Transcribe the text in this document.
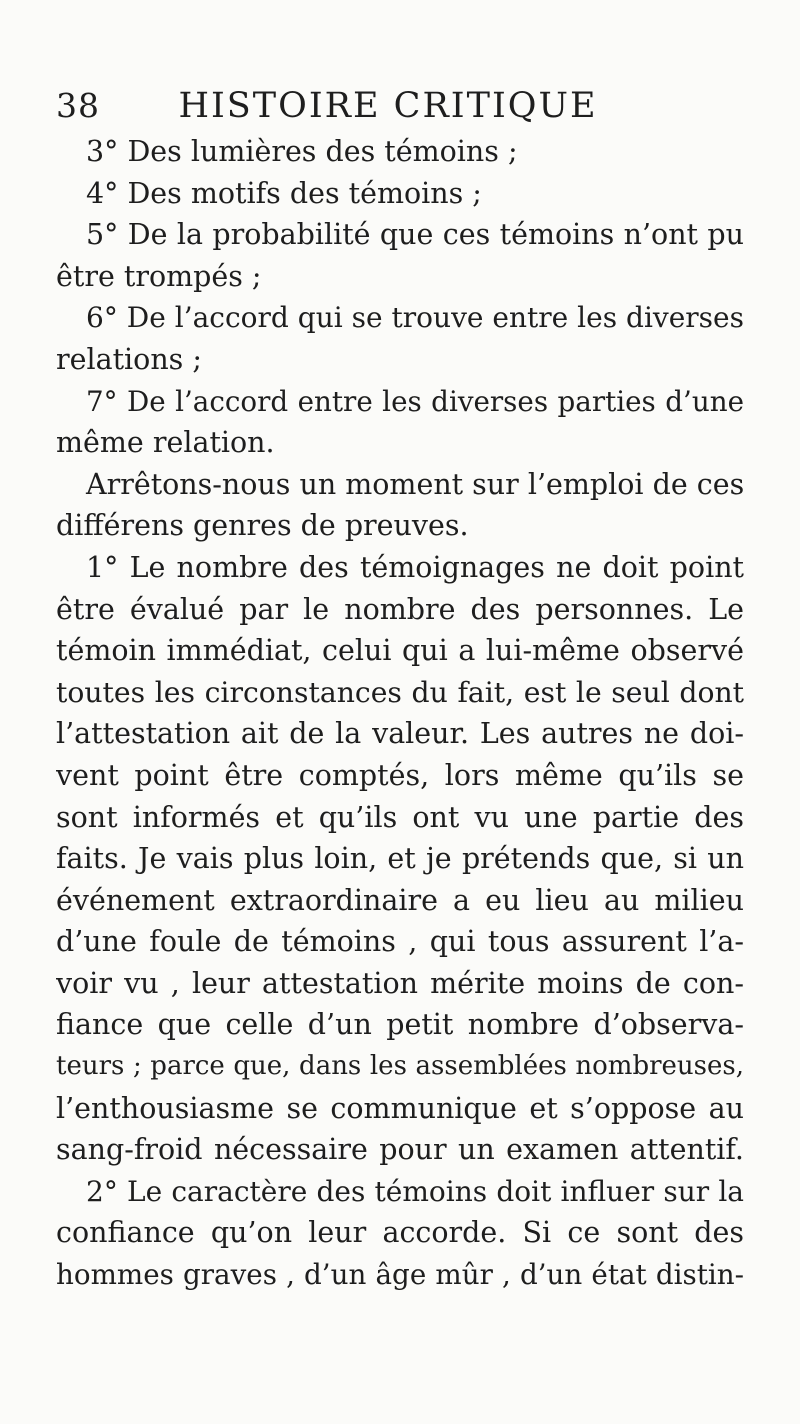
38	HISTOIRE CRITIQUE
3° Des lumières des témoins ;
4° Des motifs des témoins ;
5° De la probabilité que ces témoins n’ont pu
être trompés ;
6° De l’accord qui se trouve entre les diverses
relations ;
7° De l’accord entre les diverses parties d’une
même relation.
Arrêtons-nous un moment sur l’emploi de ces
différens genres de preuves.
1° Le nombre des témoignages ne doit point
être évalué par le nombre des personnes. Le
témoin immédiat, celui qui a lui-même observé
toutes les circonstances du fait, est le seul dont
l’attestation ait de la valeur. Les autres ne doi-
vent point être comptés, lors même qu’ils se
sont informés et qu’ils ont vu une partie des
faits. Je vais plus loin, et je prétends que, si un
événement extraordinaire a eu lieu au milieu
d’une foule de témoins , qui tous assurent l’a-
voir vu , leur attestation mérite moins de con-
fiance que celle d’un petit nombre d’observa-
teurs ; parce que, dans les assemblées nombreuses,
l’enthousiasme se communique et s’oppose au
sang-froid nécessaire pour un examen attentif.
2° Le caractère des témoins doit influer sur la
confiance qu’on leur accorde. Si ce sont des
hommes graves , d’un âge mûr , d’un état distin-
